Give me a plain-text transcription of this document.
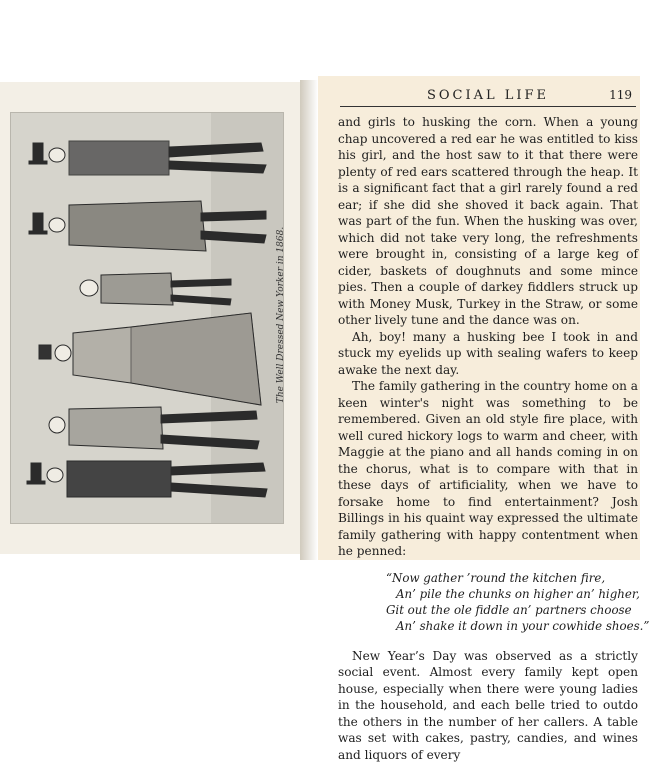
The Well Dressed New Yorker in 1868.
SOCIAL LIFE	119

and girls to husking the corn. When a young chap uncovered a red ear he was entitled to kiss his girl, and the host saw to it that there were plenty of red ears scattered through the heap. It is a significant fact that a girl rarely found a red ear; if she did she shoved it back again. That was part of the fun. When the husking was over, which did not take very long, the refreshments were brought in, consisting of a large keg of cider, baskets of doughnuts and some mince pies. Then a couple of darkey fiddlers struck up with Money Musk, Turkey in the Straw, or some other lively tune and the dance was on.

Ah, boy! many a husking bee I took in and stuck my eyelids up with sealing wafers to keep awake the next day.

The family gathering in the country home on a keen winter's night was something to be remembered. Given an old style fire place, with well cured hickory logs to warm and cheer, with Maggie at the piano and all hands coming in on the chorus, what is to compare with that in these days of artificiality, when we have to forsake home to find entertainment? Josh Billings in his quaint way expressed the ultimate family gathering with happy contentment when he penned:

“Now gather ’round the kitchen fire,
An’ pile the chunks on higher an’ higher,
Git out the ole fiddle an’ partners choose
An’ shake it down in your cowhide shoes.”

New Year’s Day was observed as a strictly social event. Almost every family kept open house, especially when there were young ladies in the household, and each belle tried to outdo the others in the number of her callers. A table was set with cakes, pastry, candies, and wines and liquors of every
